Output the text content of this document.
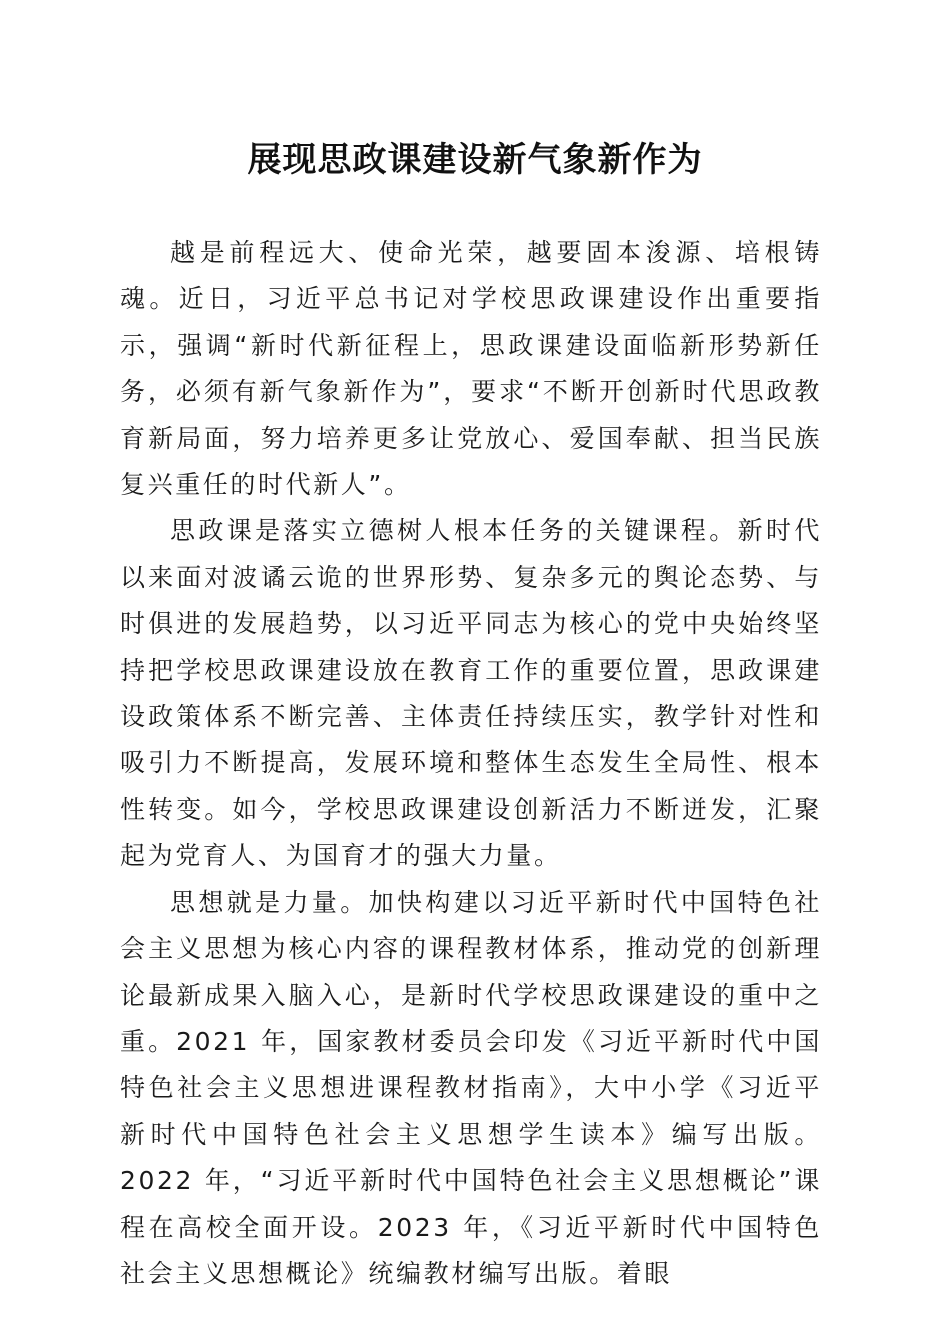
展现思政课建设新气象新作为

越是前程远大、使命光荣，越要固本浚源、培根铸魂。近日，习近平总书记对学校思政课建设作出重要指示，强调“新时代新征程上，思政课建设面临新形势新任务，必须有新气象新作为”，要求“不断开创新时代思政教育新局面，努力培养更多让党放心、爱国奉献、担当民族复兴重任的时代新人”。

思政课是落实立德树人根本任务的关键课程。新时代以来面对波谲云诡的世界形势、复杂多元的舆论态势、与时俱进的发展趋势，以习近平同志为核心的党中央始终坚持把学校思政课建设放在教育工作的重要位置，思政课建设政策体系不断完善、主体责任持续压实，教学针对性和吸引力不断提高，发展环境和整体生态发生全局性、根本性转变。如今，学校思政课建设创新活力不断迸发，汇聚起为党育人、为国育才的强大力量。

思想就是力量。加快构建以习近平新时代中国特色社会主义思想为核心内容的课程教材体系，推动党的创新理论最新成果入脑入心，是新时代学校思政课建设的重中之重。2021 年，国家教材委员会印发《习近平新时代中国特色社会主义思想进课程教材指南》，大中小学《习近平新时代中国特色社会主义思想学生读本》编写出版。2022 年，“习近平新时代中国特色社会主义思想概论”课程在高校全面开设。2023 年，《习近平新时代中国特色社会主义思想概论》统编教材编写出版。着眼
